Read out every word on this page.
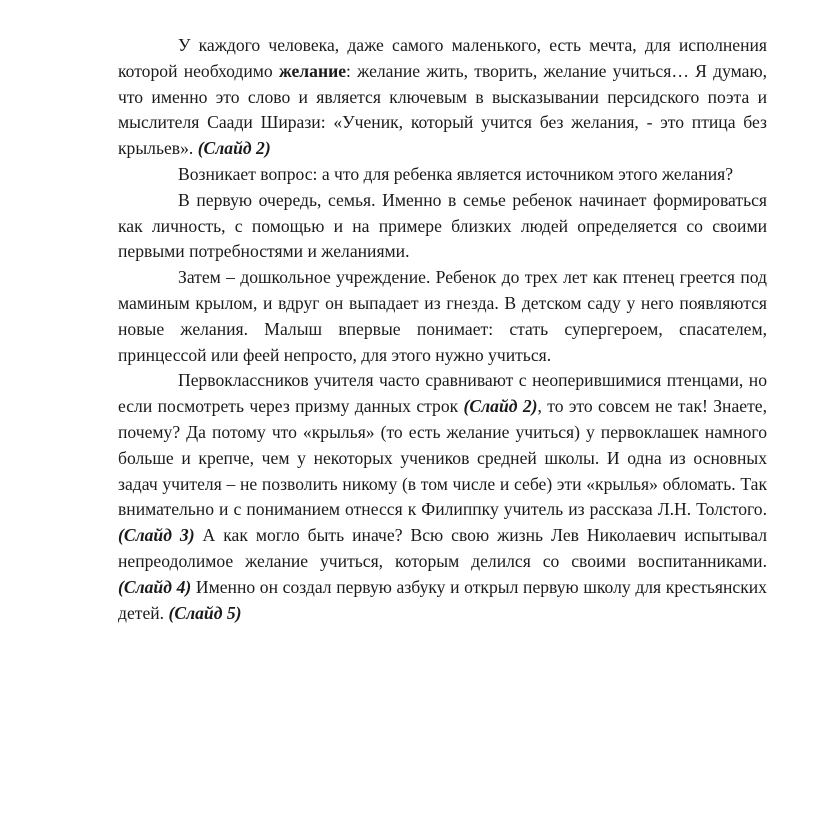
У каждого человека, даже самого маленького, есть мечта, для исполнения которой необходимо желание: желание жить, творить, желание учиться… Я думаю, что именно это слово и является ключевым в высказывании персидского поэта и мыслителя Саади Ширази: «Ученик, который учится без желания, - это птица без крыльев». (Слайд 2)

Возникает вопрос: а что для ребенка является источником этого желания?

В первую очередь, семья. Именно в семье ребенок начинает формироваться как личность, с помощью и на примере близких людей определяется со своими первыми потребностями и желаниями.

Затем – дошкольное учреждение. Ребенок до трех лет как птенец греется под маминым крылом, и вдруг он выпадает из гнезда. В детском саду у него появляются новые желания. Малыш впервые понимает: стать супергероем, спасателем, принцессой или феей непросто, для этого нужно учиться.

Первоклассников учителя часто сравнивают с неоперившимися птенцами, но если посмотреть через призму данных строк (Слайд 2), то это совсем не так! Знаете, почему? Да потому что «крылья» (то есть желание учиться) у первоклашек намного больше и крепче, чем у некоторых учеников средней школы. И одна из основных задач учителя – не позволить никому (в том числе и себе) эти «крылья» обломать. Так внимательно и с пониманием отнесся к Филиппку учитель из рассказа Л.Н. Толстого. (Слайд 3) А как могло быть иначе? Всю свою жизнь Лев Николаевич испытывал непреодолимое желание учиться, которым делился со своими воспитанниками. (Слайд 4) Именно он создал первую азбуку и открыл первую школу для крестьянских детей. (Слайд 5)
